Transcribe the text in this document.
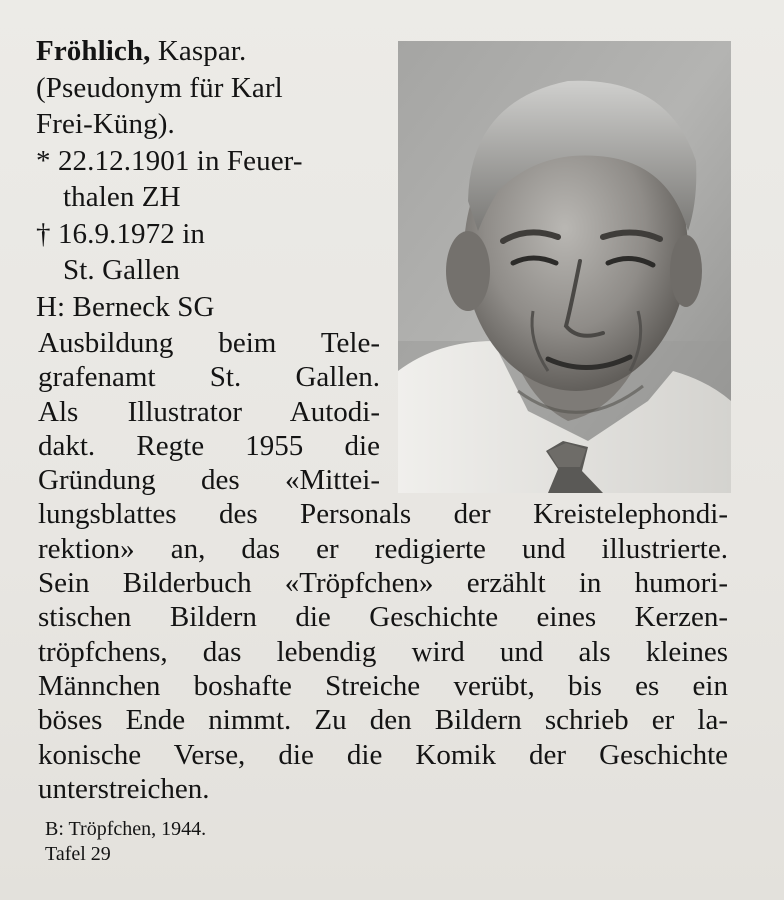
Fröhlich, Kaspar.
(Pseudonym für Karl
Frei-Küng).
* 22.12.1901 in Feuer-
thalen ZH
† 16.9.1972 in
St. Gallen
H: Berneck SG
Ausbildung beim Tele-
grafenamt St. Gallen.
Als Illustrator Autodi-
dakt. Regte 1955 die
Gründung des «Mittei-
lungsblattes des Personals der Kreistelephondi-
rektion» an, das er redigierte und illustrierte.
Sein Bilderbuch «Tröpfchen» erzählt in humori-
stischen Bildern die Geschichte eines Kerzen-
tröpfchens, das lebendig wird und als kleines
Männchen boshafte Streiche verübt, bis es ein
böses Ende nimmt. Zu den Bildern schrieb er la-
konische Verse, die die Komik der Geschichte
unterstreichen.
B: Tröpfchen, 1944.
Tafel 29
